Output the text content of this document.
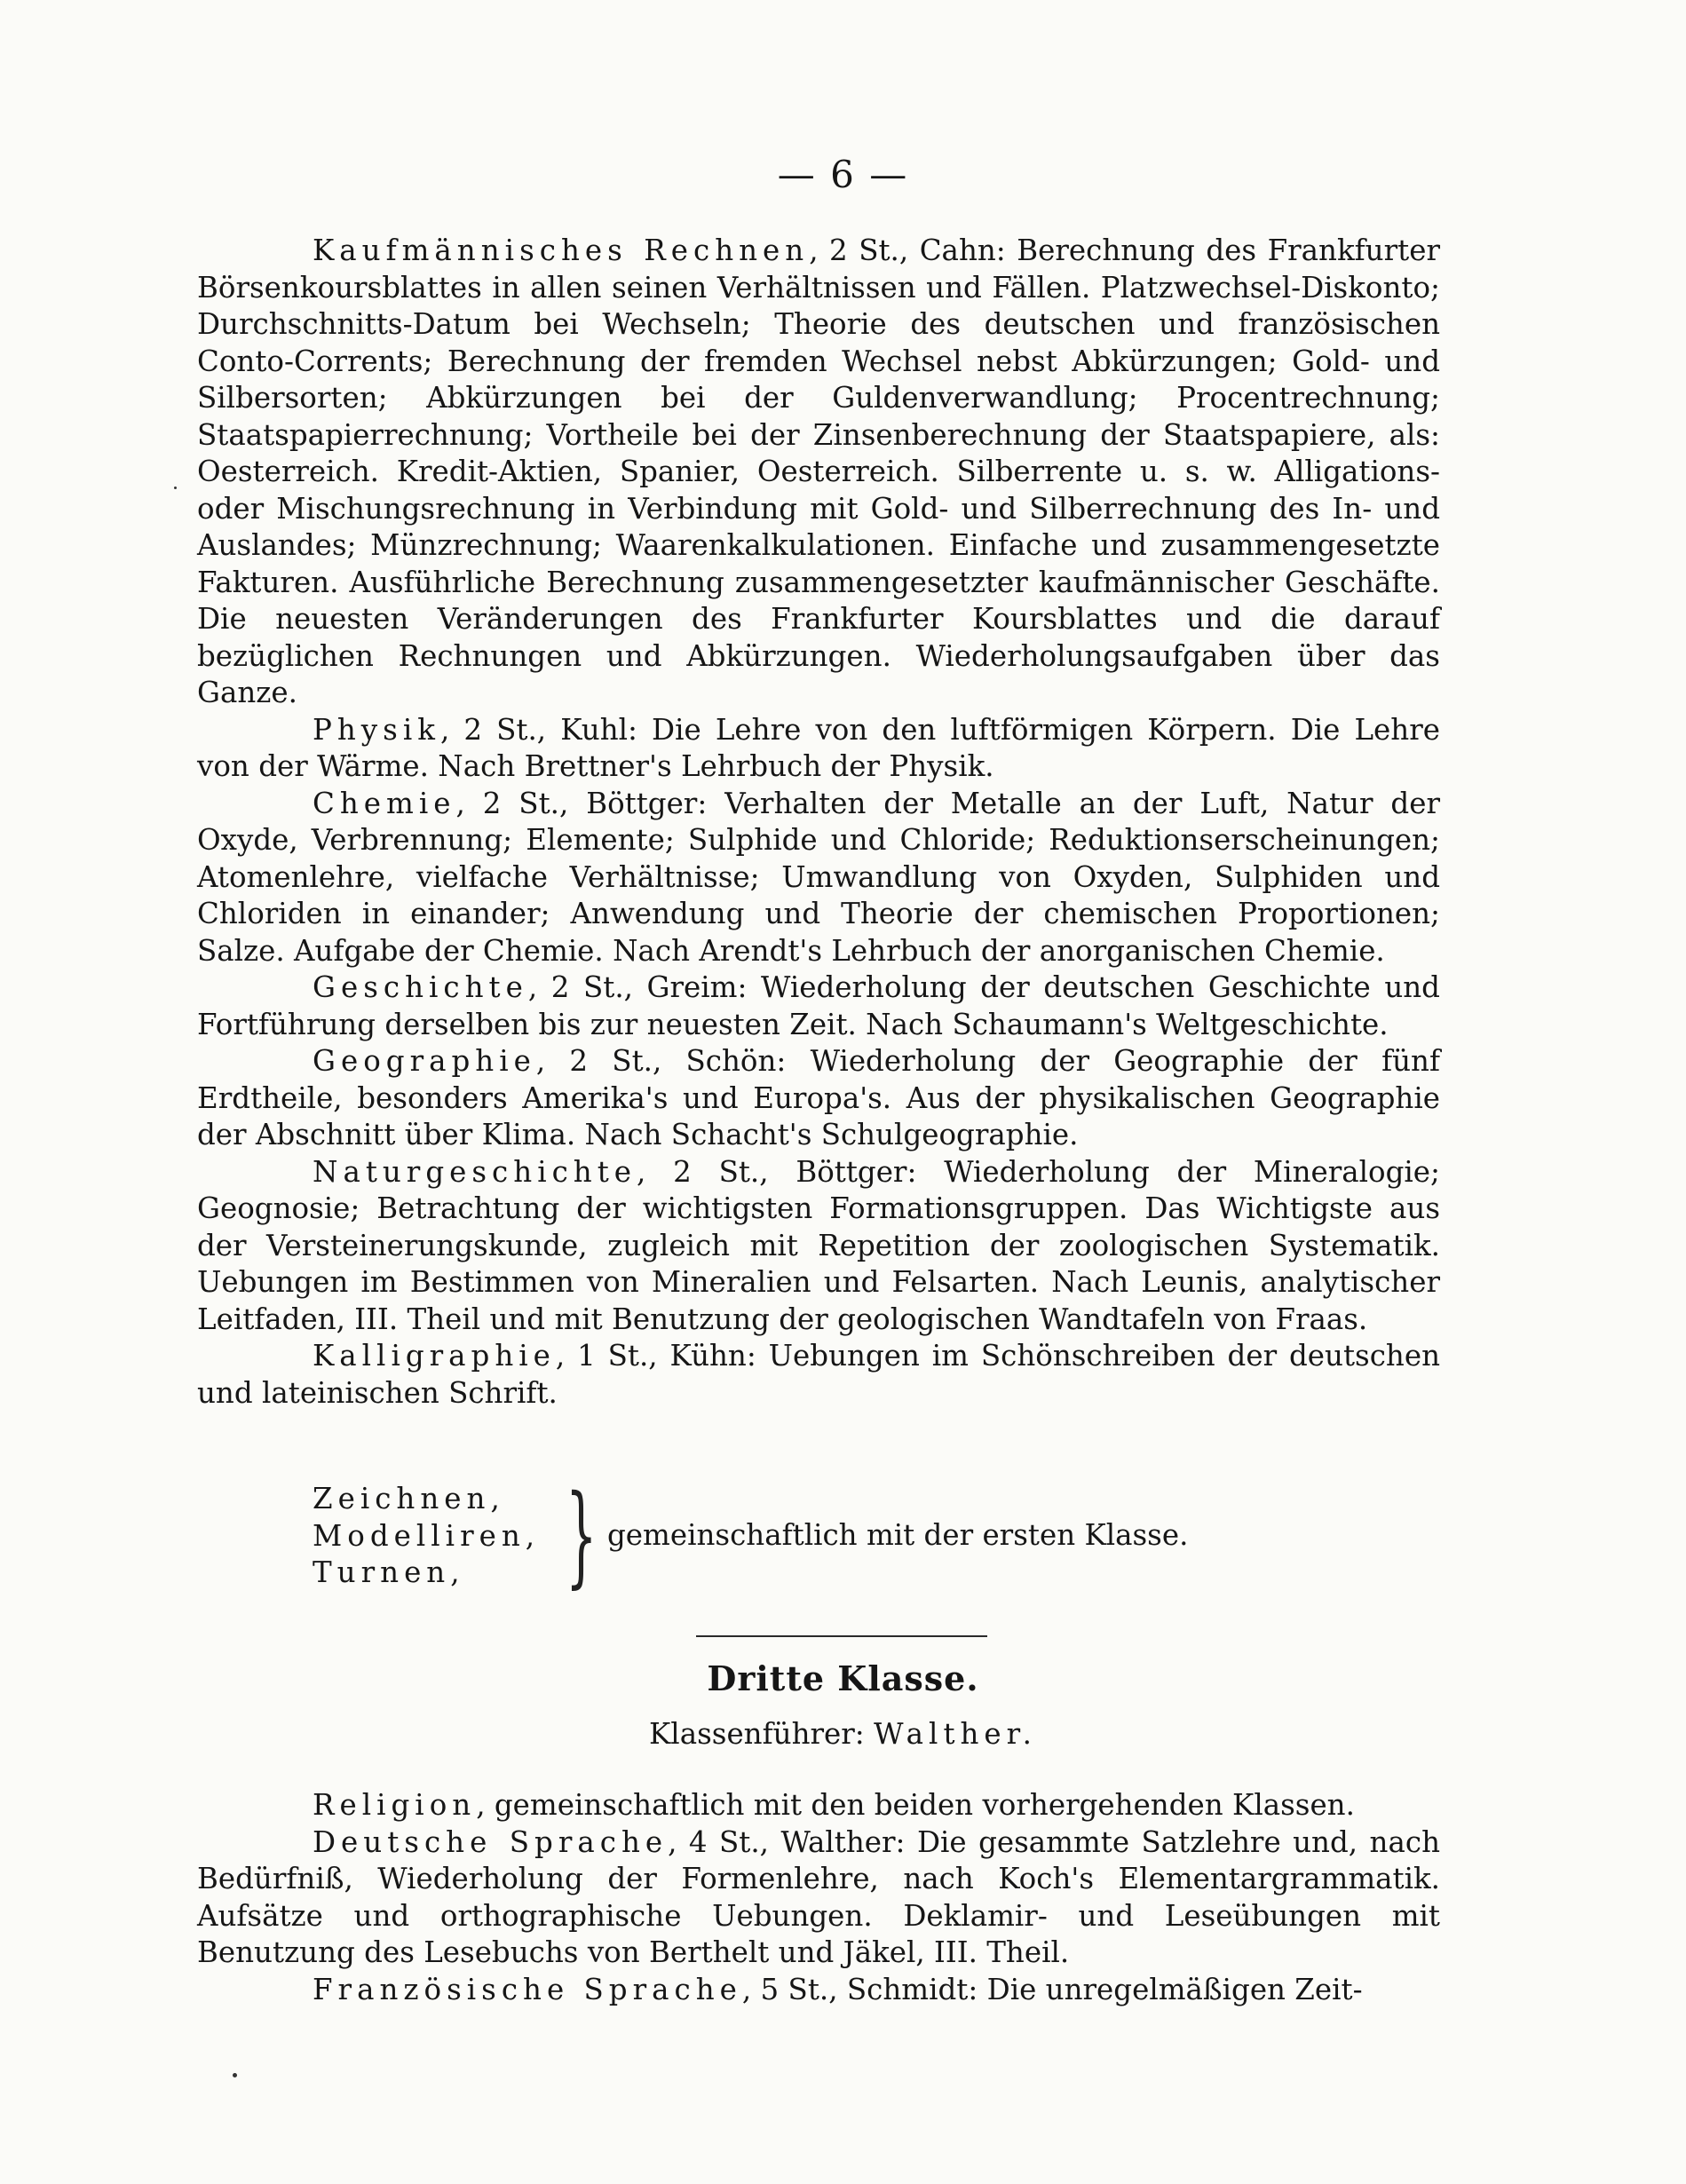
— 6 —

Kaufmännisches Rechnen, 2 St., Cahn: Berechnung des Frankfurter Börsenkoursblattes in allen seinen Verhältnissen und Fällen. Platzwechsel-Diskonto; Durchschnitts-Datum bei Wechseln; Theorie des deutschen und französischen Conto-Corrents; Berechnung der fremden Wechsel nebst Abkürzungen; Gold- und Silbersorten; Abkürzungen bei der Guldenverwandlung; Procentrechnung; Staatspapierrechnung; Vortheile bei der Zinsenberechnung der Staatspapiere, als: Oesterreich. Kredit-Aktien, Spanier, Oesterreich. Silberrente u. s. w. Alligations- oder Mischungsrechnung in Verbindung mit Gold- und Silberrechnung des In- und Auslandes; Münzrechnung; Waarenkalkulationen. Einfache und zusammengesetzte Fakturen. Ausführliche Berechnung zusammengesetzter kaufmännischer Geschäfte. Die neuesten Veränderungen des Frankfurter Koursblattes und die darauf bezüglichen Rechnungen und Abkürzungen. Wiederholungsaufgaben über das Ganze.

Physik, 2 St., Kuhl: Die Lehre von den luftförmigen Körpern. Die Lehre von der Wärme. Nach Brettner's Lehrbuch der Physik.

Chemie, 2 St., Böttger: Verhalten der Metalle an der Luft, Natur der Oxyde, Verbrennung; Elemente; Sulphide und Chloride; Reduktionserscheinungen; Atomenlehre, vielfache Verhältnisse; Umwandlung von Oxyden, Sulphiden und Chloriden in einander; Anwendung und Theorie der chemischen Proportionen; Salze. Aufgabe der Chemie. Nach Arendt's Lehrbuch der anorganischen Chemie.

Geschichte, 2 St., Greim: Wiederholung der deutschen Geschichte und Fortführung derselben bis zur neuesten Zeit. Nach Schaumann's Weltgeschichte.

Geographie, 2 St., Schön: Wiederholung der Geographie der fünf Erdtheile, besonders Amerika's und Europa's. Aus der physikalischen Geographie der Abschnitt über Klima. Nach Schacht's Schulgeographie.

Naturgeschichte, 2 St., Böttger: Wiederholung der Mineralogie; Geognosie; Betrachtung der wichtigsten Formationsgruppen. Das Wichtigste aus der Versteinerungskunde, zugleich mit Repetition der zoologischen Systematik. Uebungen im Bestimmen von Mineralien und Felsarten. Nach Leunis, analytischer Leitfaden, III. Theil und mit Benutzung der geologischen Wandtafeln von Fraas.

Kalligraphie, 1 St., Kühn: Uebungen im Schönschreiben der deutschen und lateinischen Schrift.

Zeichnen,
Modelliren,
Turnen, } gemeinschaftlich mit der ersten Klasse.
Dritte Klasse.
Klassenführer: Walther.

Religion, gemeinschaftlich mit den beiden vorhergehenden Klassen.

Deutsche Sprache, 4 St., Walther: Die gesammte Satzlehre und, nach Bedürfniß, Wiederholung der Formenlehre, nach Koch's Elementargrammatik. Aufsätze und orthographische Uebungen. Deklamir- und Leseübungen mit Benutzung des Lesebuchs von Berthelt und Jäkel, III. Theil.

Französische Sprache, 5 St., Schmidt: Die unregelmäßigen Zeit-
